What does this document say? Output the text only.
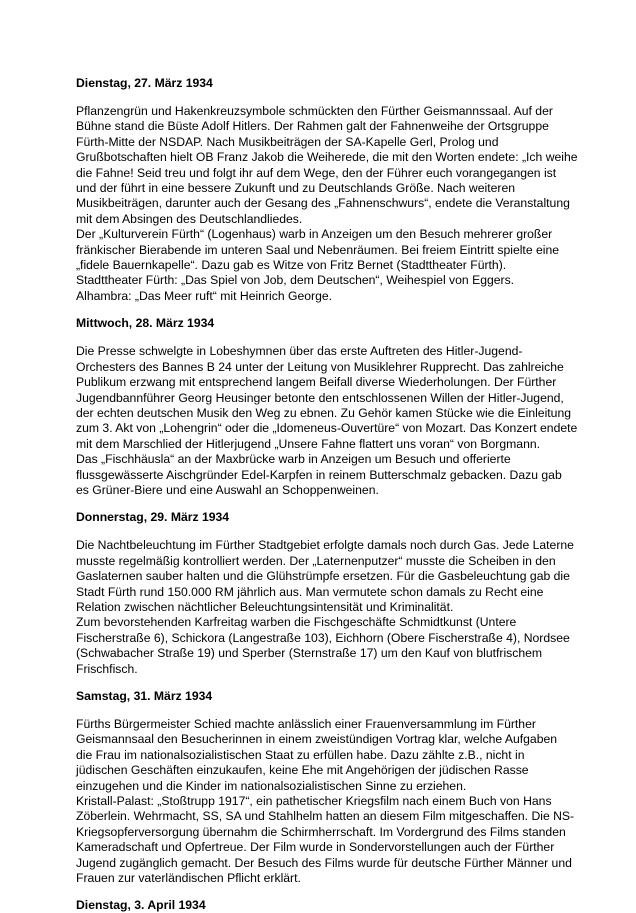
Dienstag, 27. März 1934
Pflanzengrün und Hakenkreuzsymbole schmückten den Fürther Geismannssaal. Auf der
Bühne stand die Büste Adolf Hitlers. Der Rahmen galt der Fahnenweihe der Ortsgruppe
Fürth-Mitte der NSDAP. Nach Musikbeiträgen der SA-Kapelle Gerl, Prolog und
Grußbotschaften hielt OB Franz Jakob die Weiherede, die mit den Worten endete: „Ich weihe
die Fahne! Seid treu und folgt ihr auf dem Wege, den der Führer euch vorangegangen ist
und der führt in eine bessere Zukunft und zu Deutschlands Größe. Nach weiteren
Musikbeiträgen, darunter auch der Gesang des „Fahnenschwurs“, endete die Veranstaltung
mit dem Absingen des Deutschlandliedes.
Der „Kulturverein Fürth“ (Logenhaus) warb in Anzeigen um den Besuch mehrerer großer
fränkischer Bierabende im unteren Saal und Nebenräumen. Bei freiem Eintritt spielte eine
„fidele Bauernkapelle“. Dazu gab es Witze von Fritz Bernet (Stadttheater Fürth).
Stadttheater Fürth: „Das Spiel von Job, dem Deutschen“, Weihespiel von Eggers.
Alhambra: „Das Meer ruft“ mit Heinrich George.
Mittwoch, 28. März 1934
Die Presse schwelgte in Lobeshymnen über das erste Auftreten des Hitler-Jugend-
Orchesters des Bannes B 24 unter der Leitung von Musiklehrer Rupprecht. Das zahlreiche
Publikum erzwang mit entsprechend langem Beifall diverse Wiederholungen. Der Fürther
Jugendbannführer Georg Heusinger betonte den entschlossenen Willen der Hitler-Jugend,
der echten deutschen Musik den Weg zu ebnen. Zu Gehör kamen Stücke wie die Einleitung
zum 3. Akt von „Lohengrin“ oder die „Idomeneus-Ouvertüre“ von Mozart. Das Konzert endete
mit dem Marschlied der Hitlerjugend „Unsere Fahne flattert uns voran“ von Borgmann.
Das „Fischhäusla“ an der Maxbrücke warb in Anzeigen um Besuch und offerierte
flussgewässerte Aischgründer Edel-Karpfen in reinem Butterschmalz gebacken. Dazu gab
es Grüner-Biere und eine Auswahl an Schoppenweinen.
Donnerstag, 29. März 1934
Die Nachtbeleuchtung im Fürther Stadtgebiet erfolgte damals noch durch Gas. Jede Laterne
musste regelmäßig kontrolliert werden. Der „Laternenputzer“ musste die Scheiben in den
Gaslaternen sauber halten und die Glühstrümpfe ersetzen. Für die Gasbeleuchtung gab die
Stadt Fürth rund 150.000 RM jährlich aus. Man vermutete schon damals zu Recht eine
Relation zwischen nächtlicher Beleuchtungsintensität und Kriminalität.
Zum bevorstehenden Karfreitag warben die Fischgeschäfte Schmidtkunst (Untere
Fischerstraße 6), Schickora (Langestraße 103), Eichhorn (Obere Fischerstraße 4), Nordsee
(Schwabacher Straße 19) und Sperber (Sternstraße 17) um den Kauf von blutfrischem
Frischfisch.
Samstag, 31. März 1934
Fürths Bürgermeister Schied machte anlässlich einer Frauenversammlung im Fürther
Geismannsaal den Besucherinnen in einem zweistündigen Vortrag klar, welche Aufgaben
die Frau im nationalsozialistischen Staat zu erfüllen habe. Dazu zählte z.B., nicht in
jüdischen Geschäften einzukaufen, keine Ehe mit Angehörigen der jüdischen Rasse
einzugehen und die Kinder im nationalsozialistischen Sinne zu erziehen.
Kristall-Palast: „Stoßtrupp 1917“, ein pathetischer Kriegsfilm nach einem Buch von Hans
Zöberlein. Wehrmacht, SS, SA und Stahlhelm hatten an diesem Film mitgeschaffen. Die NS-
Kriegsopferversorgung übernahm die Schirmherrschaft. Im Vordergrund des Films standen
Kameradschaft und Opfertreue. Der Film wurde in Sondervorstellungen auch der Fürther
Jugend zugänglich gemacht. Der Besuch des Films wurde für deutsche Fürther Männer und
Frauen zur vaterländischen Pflicht erklärt.
Dienstag, 3. April 1934
